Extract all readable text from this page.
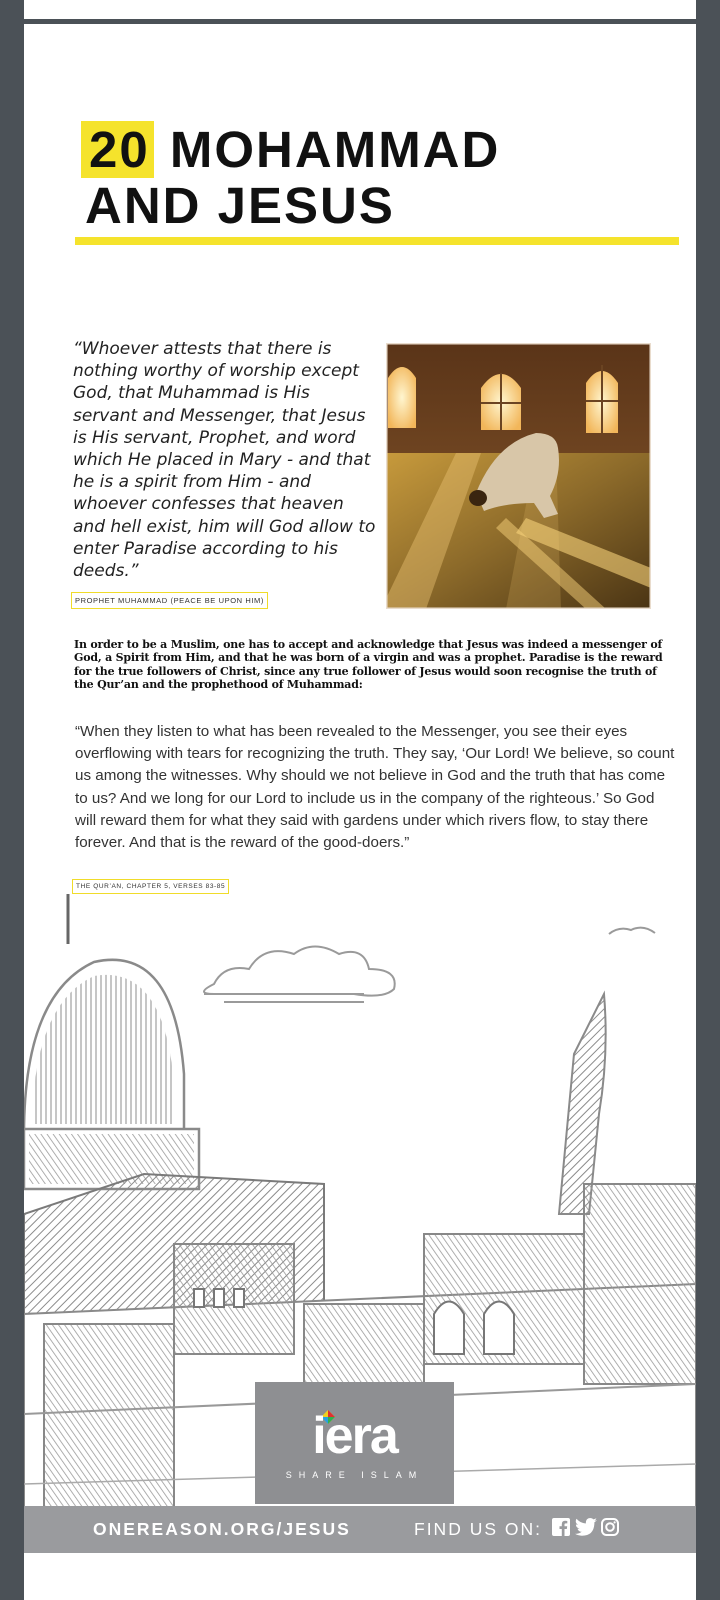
20 MOHAMMAD
AND JESUS
“Whoever attests that there is nothing worthy of worship except God, that Muhammad is His servant and Messenger, that Jesus is His servant, Prophet, and word which He placed in Mary - and that he is a spirit from Him - and whoever confesses that heaven and hell exist, him will God allow to enter Paradise according to his deeds.”
PROPHET MUHAMMAD (PEACE BE UPON HIM)
In order to be a Muslim, one has to accept and acknowledge that Jesus was indeed a messenger of God, a Spirit from Him, and that he was born of a virgin and was a prophet. Paradise is the reward for the true followers of Christ, since any true follower of Jesus would soon recognise the truth of the Qur’an and the prophethood of Muhammad:
“When they listen to what has been revealed to the Messenger, you see their eyes overflowing with tears for recognizing the truth. They say, ‘Our Lord! We believe, so count us among the witnesses. Why should we not believe in God and the truth that has come to us? And we long for our Lord to include us in the company of the righteous.’ So God will reward them for what they said with gardens under which rivers flow, to stay there forever. And that is the reward of the good-doers.”
THE QUR’AN, CHAPTER 5, VERSES 83-85
iera
SHARE ISLAM
ONEREASON.ORG/JESUS	FIND US ON:
